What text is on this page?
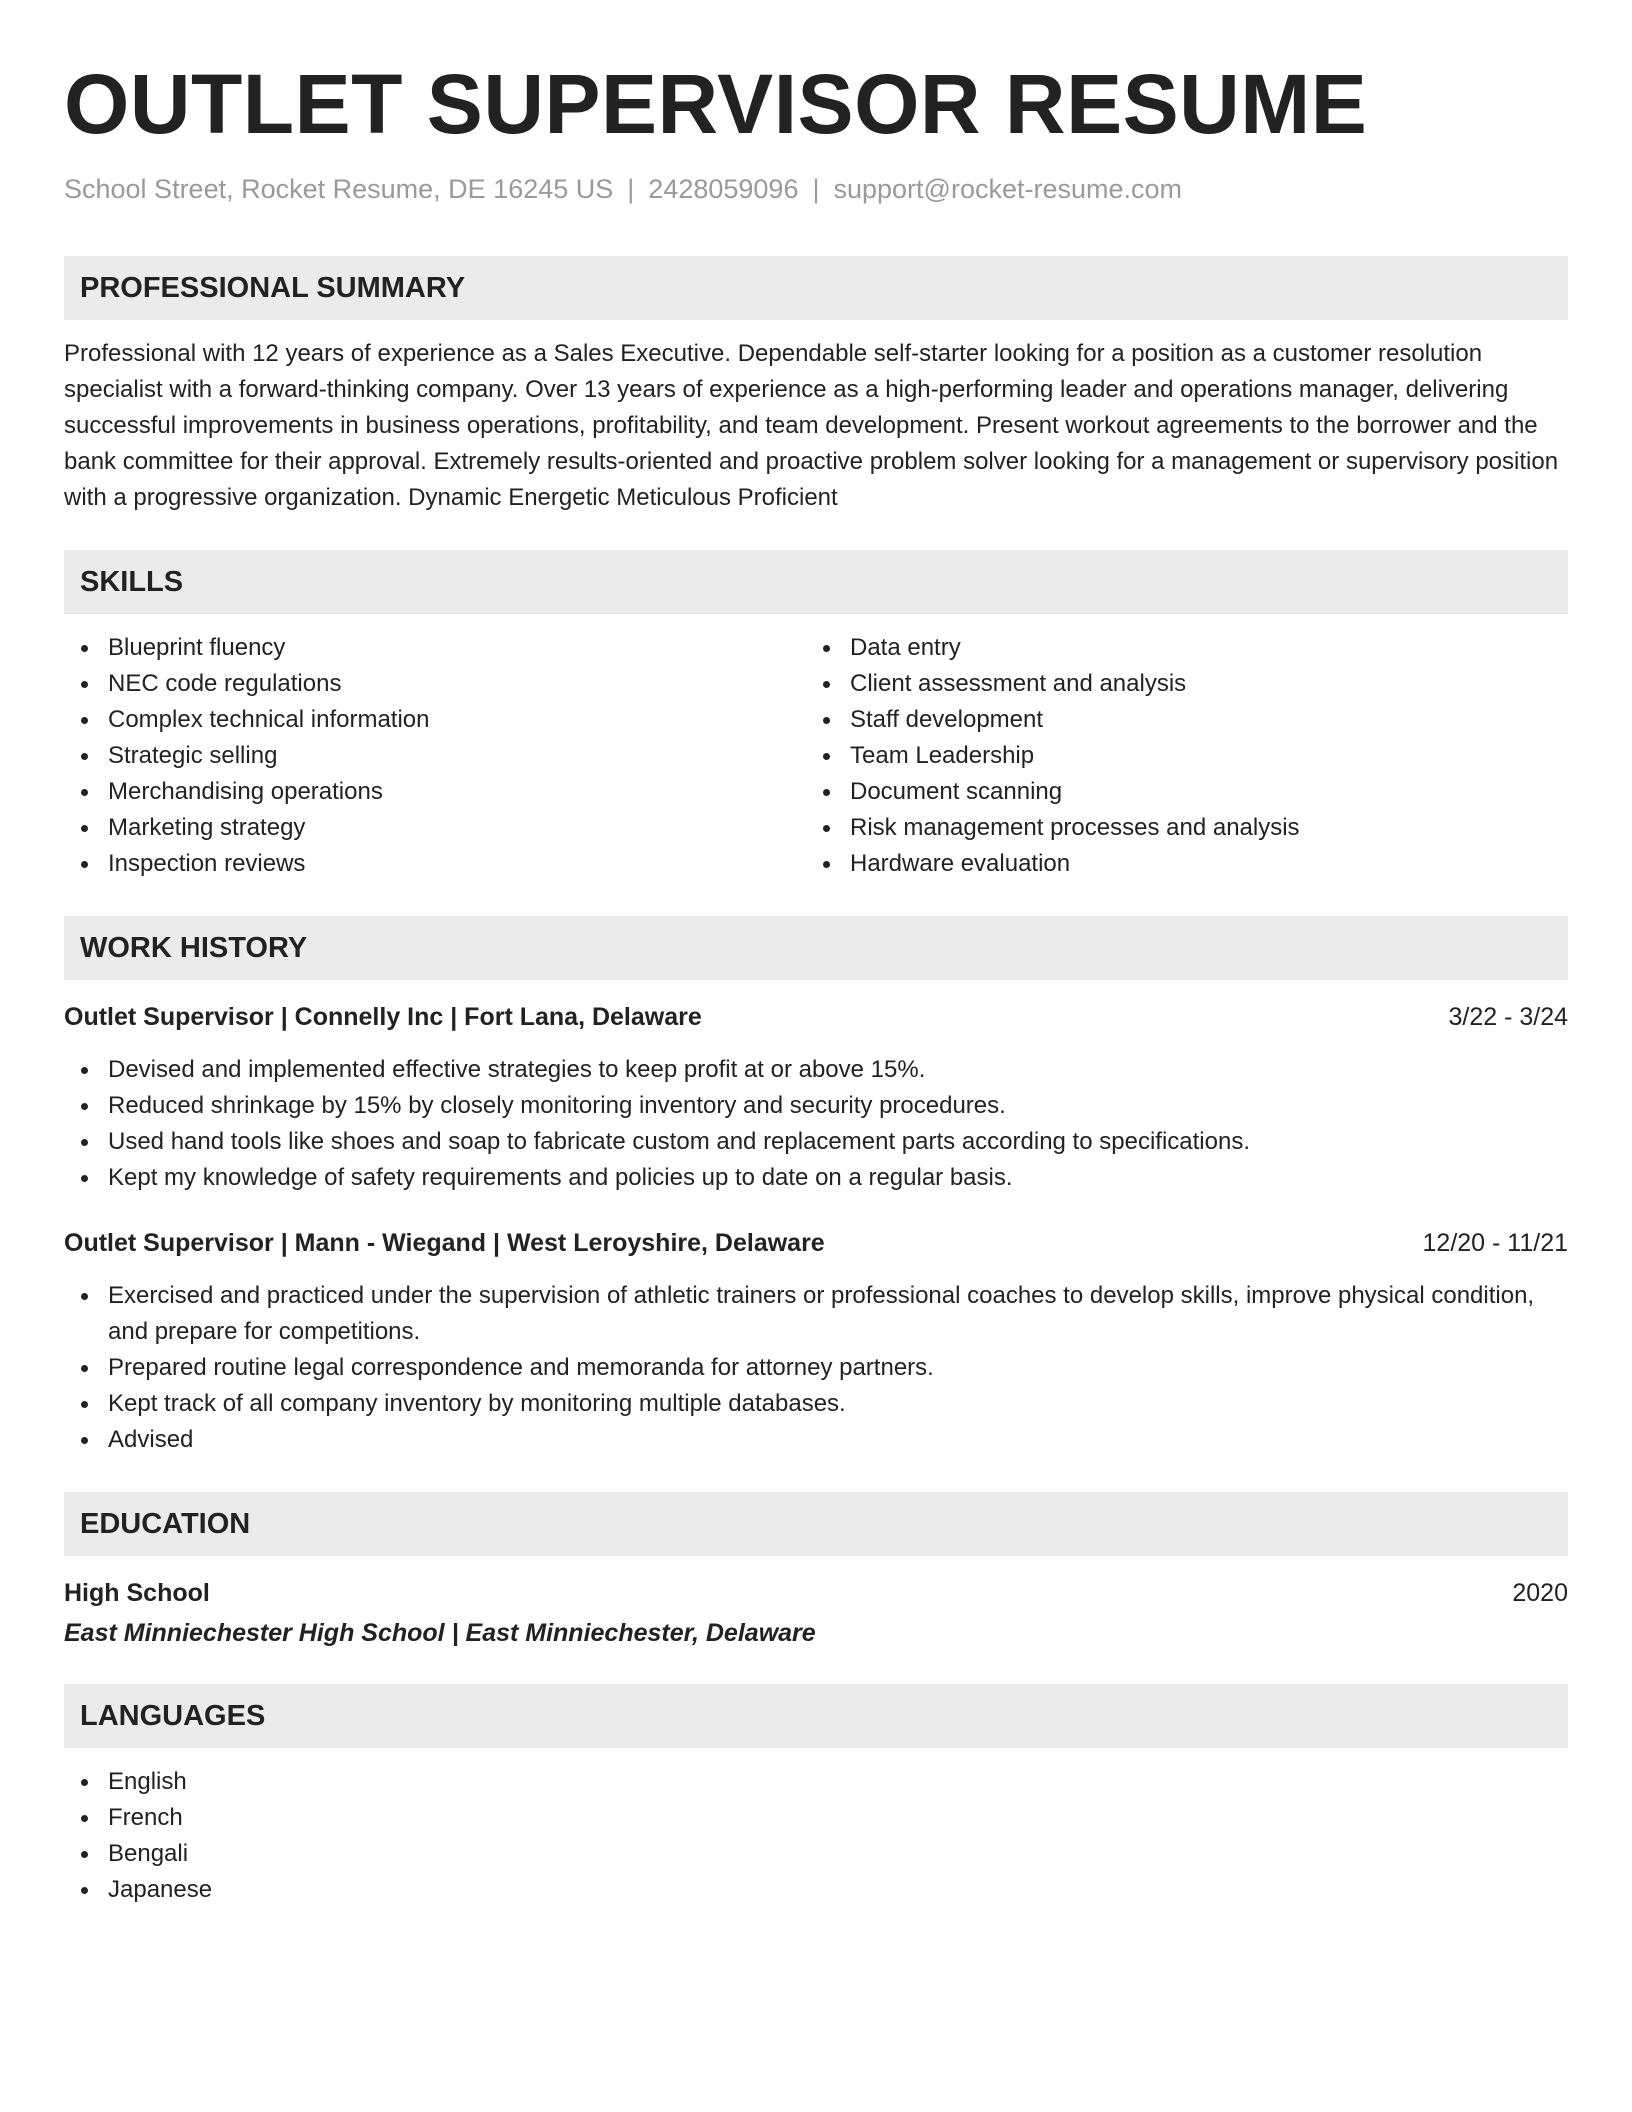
OUTLET SUPERVISOR RESUME
School Street, Rocket Resume, DE 16245 US | 2428059096 | support@rocket-resume.com
PROFESSIONAL SUMMARY
Professional with 12 years of experience as a Sales Executive. Dependable self-starter looking for a position as a customer resolution specialist with a forward-thinking company. Over 13 years of experience as a high-performing leader and operations manager, delivering successful improvements in business operations, profitability, and team development. Present workout agreements to the borrower and the bank committee for their approval. Extremely results-oriented and proactive problem solver looking for a management or supervisory position with a progressive organization. Dynamic Energetic Meticulous Proficient
SKILLS
Blueprint fluency
NEC code regulations
Complex technical information
Strategic selling
Merchandising operations
Marketing strategy
Inspection reviews
Data entry
Client assessment and analysis
Staff development
Team Leadership
Document scanning
Risk management processes and analysis
Hardware evaluation
WORK HISTORY
Outlet Supervisor | Connelly Inc | Fort Lana, Delaware	3/22 - 3/24
Devised and implemented effective strategies to keep profit at or above 15%.
Reduced shrinkage by 15% by closely monitoring inventory and security procedures.
Used hand tools like shoes and soap to fabricate custom and replacement parts according to specifications.
Kept my knowledge of safety requirements and policies up to date on a regular basis.
Outlet Supervisor | Mann - Wiegand | West Leroyshire, Delaware	12/20 - 11/21
Exercised and practiced under the supervision of athletic trainers or professional coaches to develop skills, improve physical condition, and prepare for competitions.
Prepared routine legal correspondence and memoranda for attorney partners.
Kept track of all company inventory by monitoring multiple databases.
Advised
EDUCATION
High School	2020
East Minniechester High School | East Minniechester, Delaware
LANGUAGES
English
French
Bengali
Japanese
